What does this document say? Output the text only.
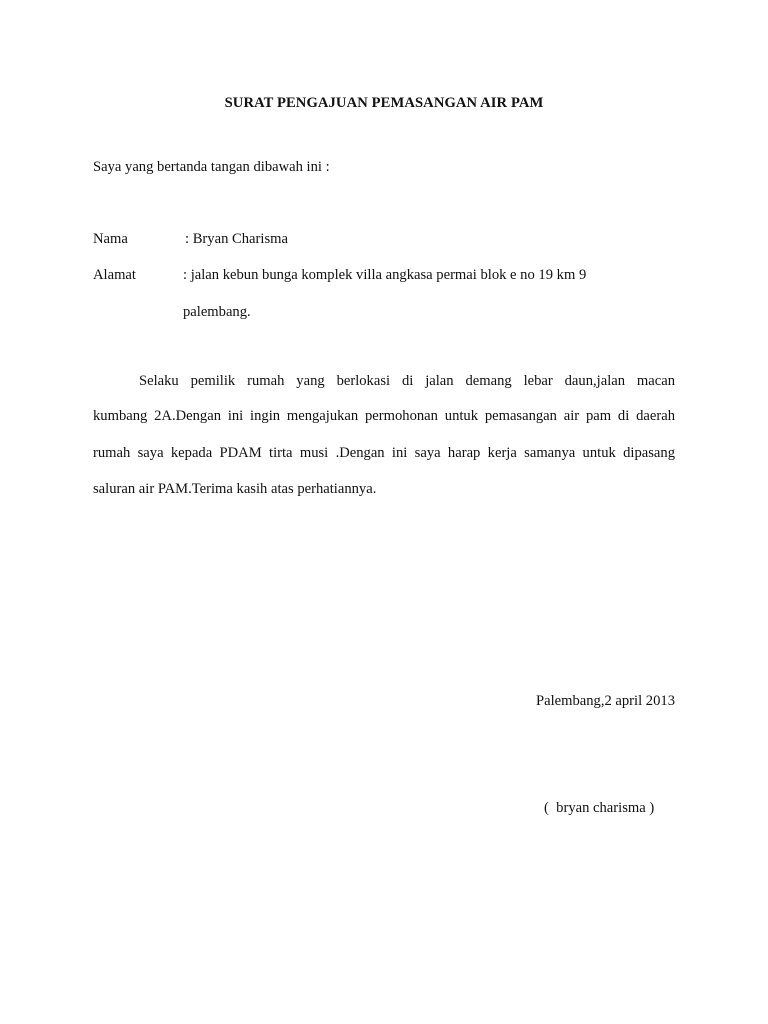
SURAT PENGAJUAN PEMASANGAN AIR PAM
Saya yang bertanda tangan dibawah ini :
Nama	: Bryan Charisma
Alamat	: jalan kebun bunga komplek villa angkasa permai blok e no 19 km 9
palembang.
Selaku pemilik rumah yang berlokasi di jalan demang lebar daun,jalan macan
kumbang 2A.Dengan ini ingin mengajukan permohonan untuk pemasangan air pam di daerah
rumah saya kepada PDAM tirta musi .Dengan ini saya harap kerja samanya untuk dipasang
saluran air PAM.Terima kasih atas perhatiannya.
Palembang,2 april 2013
(  bryan charisma )
